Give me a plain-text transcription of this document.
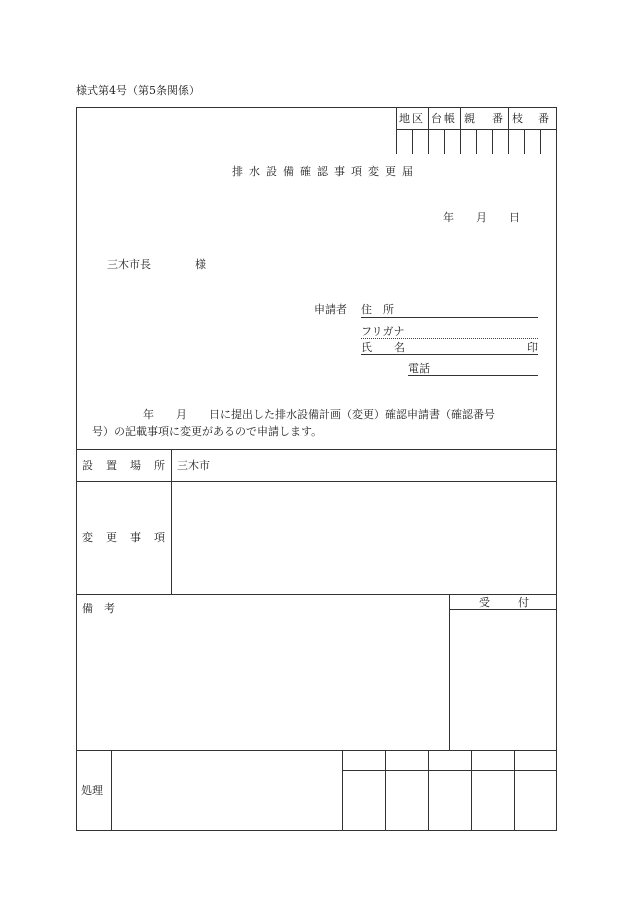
様式第4号（第5条関係）
地区 台帳 親　番 枝　番
排水設備確認事項変更届
年　　月　　日
三木市長　　　　様
申請者 住　所
フリガナ
氏　　名	印
電話
年　　月　　日に提出した排水設備計画（変更）確認申請書（確認番号
号）の記載事項に変更があるので申請します。
設　置　場　所 三木市
変　更　事　項
備　考	受　　付
処理
